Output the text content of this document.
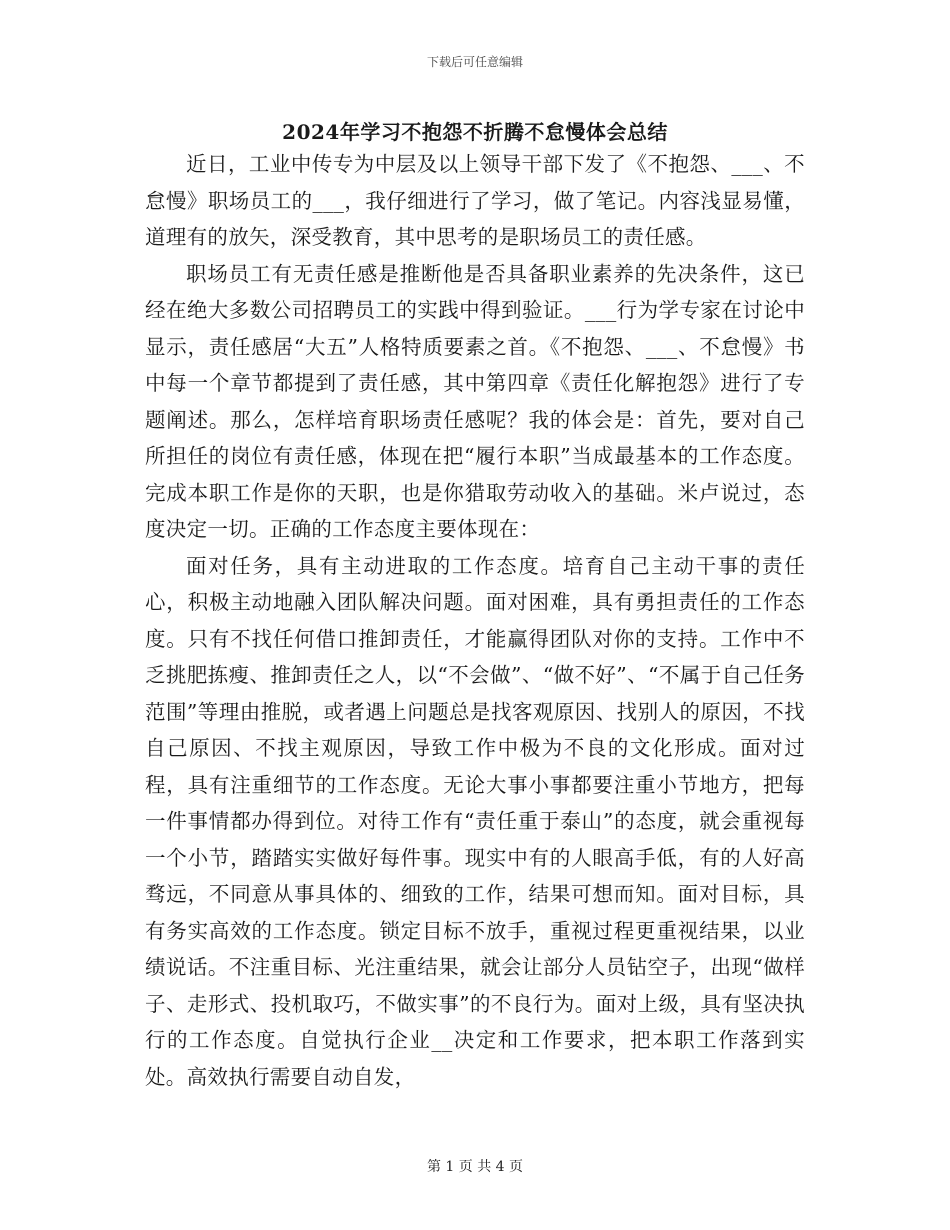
下载后可任意编辑
2024年学习不抱怨不折腾不怠慢体会总结

近日，工业中传专为中层及以上领导干部下发了《不抱怨、___、不怠慢》职场员工的___，我仔细进行了学习，做了笔记。内容浅显易懂，道理有的放矢，深受教育，其中思考的是职场员工的责任感。

职场员工有无责任感是推断他是否具备职业素养的先决条件，这已经在绝大多数公司招聘员工的实践中得到验证。___行为学专家在讨论中显示，责任感居“大五”人格特质要素之首。《不抱怨、___、不怠慢》书中每一个章节都提到了责任感，其中第四章《责任化解抱怨》进行了专题阐述。那么，怎样培育职场责任感呢？我的体会是：首先，要对自己所担任的岗位有责任感，体现在把“履行本职”当成最基本的工作态度。完成本职工作是你的天职，也是你猎取劳动收入的基础。米卢说过，态度决定一切。正确的工作态度主要体现在：

面对任务，具有主动进取的工作态度。培育自己主动干事的责任心，积极主动地融入团队解决问题。面对困难，具有勇担责任的工作态度。只有不找任何借口推卸责任，才能赢得团队对你的支持。工作中不乏挑肥拣瘦、推卸责任之人，以“不会做”、“做不好”、“不属于自己任务范围”等理由推脱，或者遇上问题总是找客观原因、找别人的原因，不找自己原因、不找主观原因，导致工作中极为不良的文化形成。面对过程，具有注重细节的工作态度。无论大事小事都要注重小节地方，把每一件事情都办得到位。对待工作有“责任重于泰山”的态度，就会重视每一个小节，踏踏实实做好每件事。现实中有的人眼高手低，有的人好高骛远，不同意从事具体的、细致的工作，结果可想而知。面对目标，具有务实高效的工作态度。锁定目标不放手，重视过程更重视结果，以业绩说话。不注重目标、光注重结果，就会让部分人员钻空子，出现“做样子、走形式、投机取巧，不做实事”的不良行为。面对上级，具有坚决执行的工作态度。自觉执行企业__决定和工作要求，把本职工作落到实处。高效执行需要自动自发，

第 1 页 共 4 页
